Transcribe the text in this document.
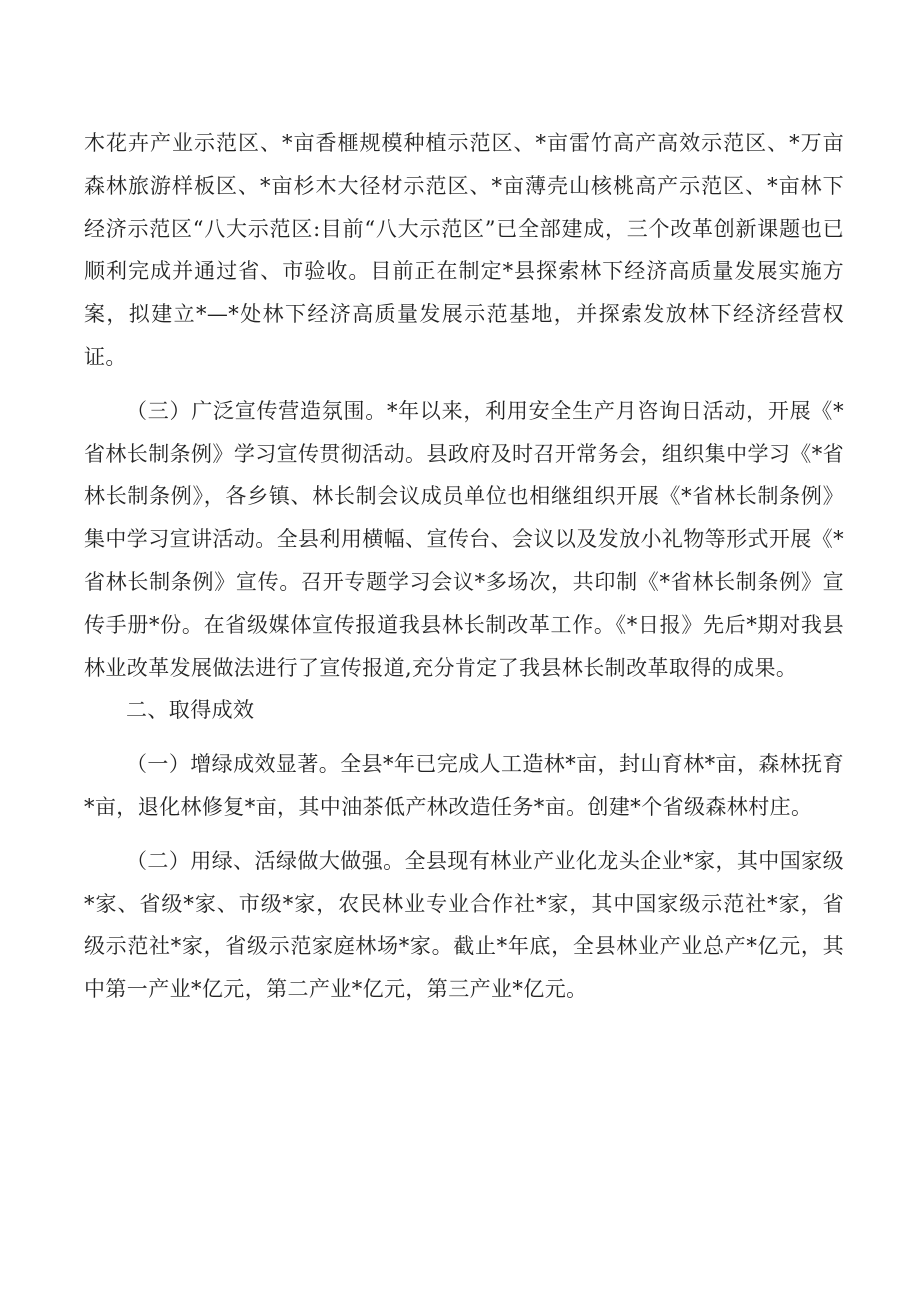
木花卉产业示范区、*亩香榧规模种植示范区、*亩雷竹高产高效示范区、*万亩森林旅游样板区、*亩杉木大径材示范区、*亩薄壳山核桃高产示范区、*亩林下经济示范区“八大示范区:目前“八大示范区”已全部建成，三个改革创新课题也已顺利完成并通过省、市验收。目前正在制定*县探索林下经济高质量发展实施方案，拟建立*—*处林下经济高质量发展示范基地，并探索发放林下经济经营权证。

（三）广泛宣传营造氛围。*年以来，利用安全生产月咨询日活动，开展《*省林长制条例》学习宣传贯彻活动。县政府及时召开常务会，组织集中学习《*省林长制条例》，各乡镇、林长制会议成员单位也相继组织开展《*省林长制条例》集中学习宣讲活动。全县利用横幅、宣传台、会议以及发放小礼物等形式开展《*省林长制条例》宣传。召开专题学习会议*多场次，共印制《*省林长制条例》宣传手册*份。在省级媒体宣传报道我县林长制改革工作。《*日报》先后*期对我县林业改革发展做法进行了宣传报道,充分肯定了我县林长制改革取得的成果。

二、取得成效

（一）增绿成效显著。全县*年已完成人工造林*亩，封山育林*亩，森林抚育*亩，退化林修复*亩，其中油茶低产林改造任务*亩。创建*个省级森林村庄。

（二）用绿、活绿做大做强。全县现有林业产业化龙头企业*家，其中国家级*家、省级*家、市级*家，农民林业专业合作社*家，其中国家级示范社*家，省级示范社*家，省级示范家庭林场*家。截止*年底，全县林业产业总产*亿元，其中第一产业*亿元，第二产业*亿元，第三产业*亿元。
